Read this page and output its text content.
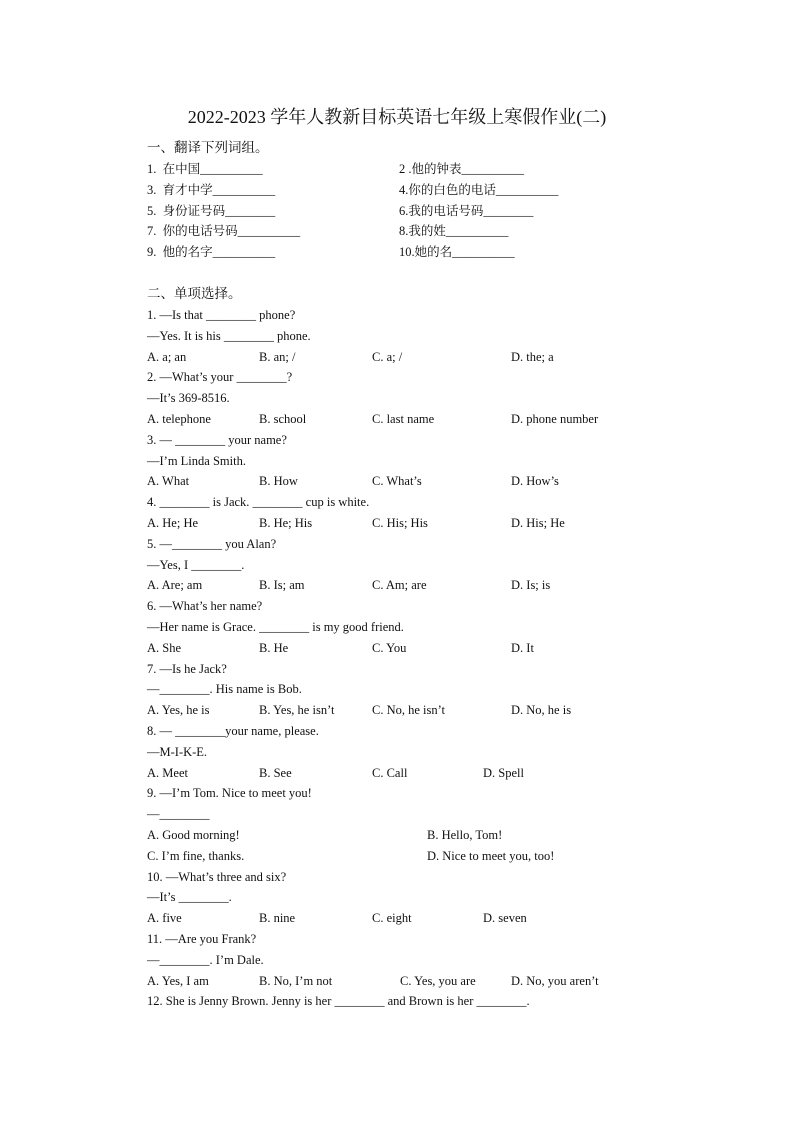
2022-2023 学年人教新目标英语七年级上寒假作业(二)
一、翻译下列词组。
1.  在中国__________	2 .他的钟表__________
3.  育才中学__________	4.你的白色的电话__________
5.  身份证号码________	6.我的电话号码________
7.  你的电话号码__________	8.我的姓__________
9.  他的名字__________	10.她的名__________
二、单项选择。
1. —Is that ________ phone?
—Yes. It is his ________ phone.
A. a; an	B. an; /	C. a; /	D. the; a
2. —What’s your ________?
—It’s 369-8516.
A. telephone	B. school	C. last name	D. phone number
3. — ________ your name?
—I’m Linda Smith.
A. What	B. How	C. What’s	D. How’s
4. ________ is Jack. ________ cup is white.
A. He; He	B. He; His	C. His; His	D. His; He
5. —________ you Alan?
—Yes, I ________.
A. Are; am	B. Is; am	C. Am; are	D. Is; is
6. —What’s her name?
—Her name is Grace. ________ is my good friend.
A. She	B. He	C. You	D. It
7. —Is he Jack?
—________. His name is Bob.
A. Yes, he is	B. Yes, he isn’t	C. No, he isn’t	D. No, he is
8. — ________your name, please.
—M-I-K-E.
A. Meet	B. See	C. Call	D. Spell
9. —I’m Tom. Nice to meet you!
—________
A. Good morning!	B. Hello, Tom!
C. I’m fine, thanks.	D. Nice to meet you, too!
10. —What’s three and six?
—It’s ________.
A. five	B. nine	C. eight	D. seven
11. —Are you Frank?
—________. I’m Dale.
A. Yes, I am	B. No, I’m not	C. Yes, you are	D. No, you aren’t
12. She is Jenny Brown. Jenny is her ________ and Brown is her ________.
